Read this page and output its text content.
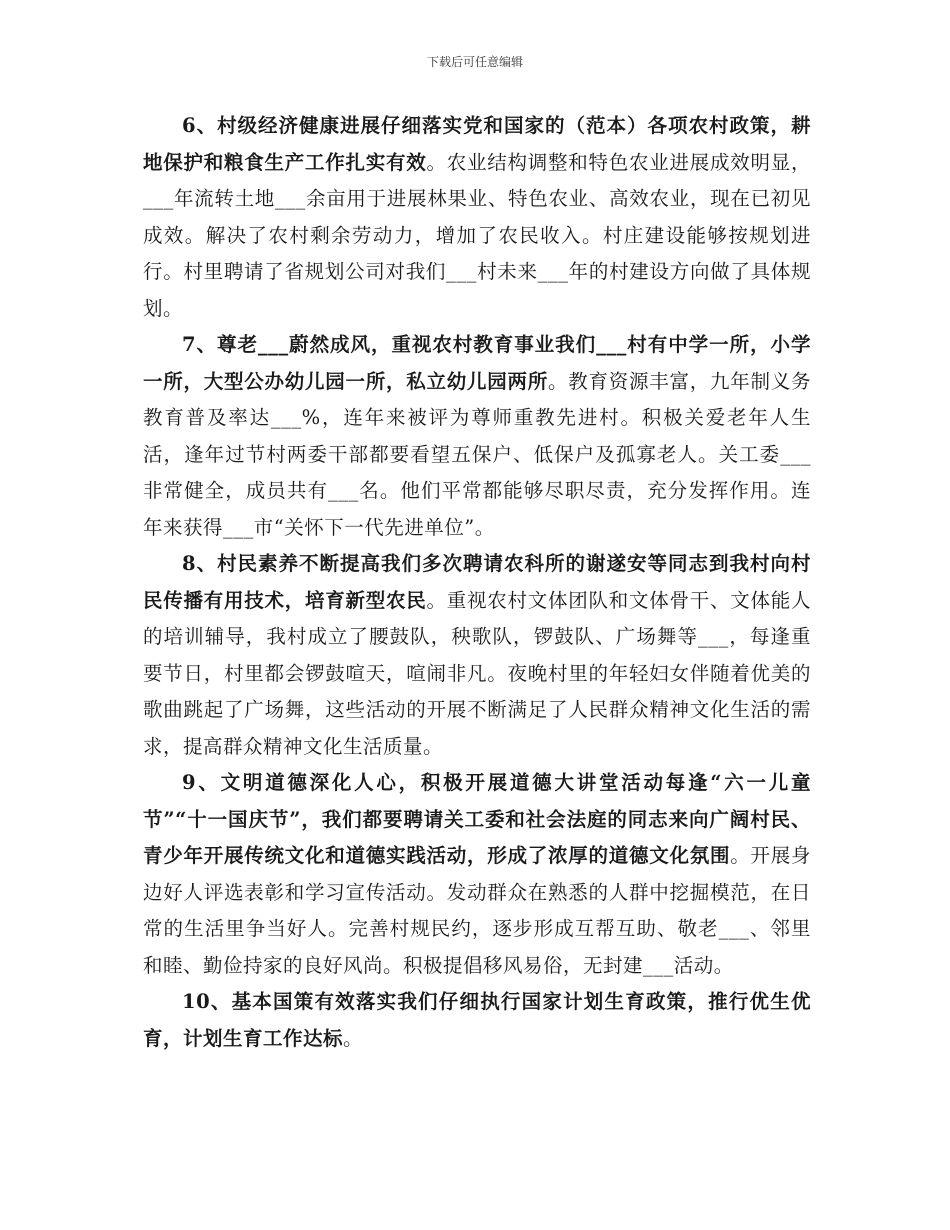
下载后可任意编辑

6、村级经济健康进展仔细落实党和国家的（范本）各项农村政策，耕地保护和粮食生产工作扎实有效。农业结构调整和特色农业进展成效明显，___年流转土地___余亩用于进展林果业、特色农业、高效农业，现在已初见成效。解决了农村剩余劳动力，增加了农民收入。村庄建设能够按规划进行。村里聘请了省规划公司对我们___村未来___年的村建设方向做了具体规划。

7、尊老___蔚然成风，重视农村教育事业我们___村有中学一所，小学一所，大型公办幼儿园一所，私立幼儿园两所。教育资源丰富，九年制义务教育普及率达___%，连年来被评为尊师重教先进村。积极关爱老年人生活，逢年过节村两委干部都要看望五保户、低保户及孤寡老人。关工委___非常健全，成员共有___名。他们平常都能够尽职尽责，充分发挥作用。连年来获得___市“关怀下一代先进单位”。

8、村民素养不断提高我们多次聘请农科所的谢遂安等同志到我村向村民传播有用技术，培育新型农民。重视农村文体团队和文体骨干、文体能人的培训辅导，我村成立了腰鼓队，秧歌队，锣鼓队、广场舞等___，每逢重要节日，村里都会锣鼓喧天，喧闹非凡。夜晚村里的年轻妇女伴随着优美的歌曲跳起了广场舞，这些活动的开展不断满足了人民群众精神文化生活的需求，提高群众精神文化生活质量。

9、文明道德深化人心，积极开展道德大讲堂活动每逢“六一儿童节”“十一国庆节”，我们都要聘请关工委和社会法庭的同志来向广阔村民、青少年开展传统文化和道德实践活动，形成了浓厚的道德文化氛围。开展身边好人评选表彰和学习宣传活动。发动群众在熟悉的人群中挖掘模范，在日常的生活里争当好人。完善村规民约，逐步形成互帮互助、敬老___、邻里和睦、勤俭持家的良好风尚。积极提倡移风易俗，无封建___活动。

10、基本国策有效落实我们仔细执行国家计划生育政策，推行优生优育，计划生育工作达标。
